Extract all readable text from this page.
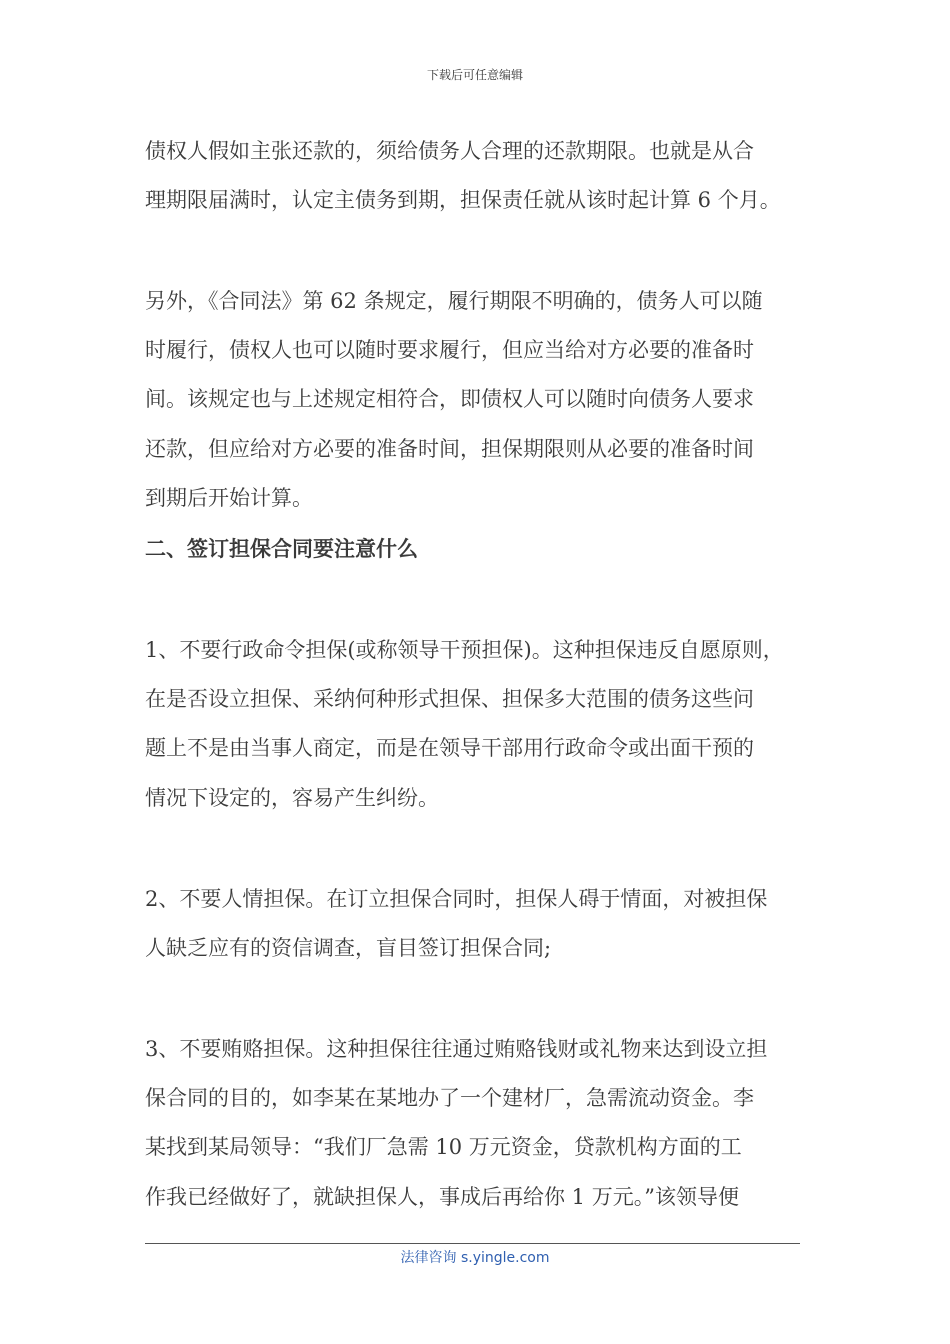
下载后可任意编辑
债权人假如主张还款的，须给债务人合理的还款期限。也就是从合
理期限届满时，认定主债务到期，担保责任就从该时起计算 6 个月。
另外，《合同法》第 62 条规定，履行期限不明确的，债务人可以随
时履行，债权人也可以随时要求履行，但应当给对方必要的准备时
间。该规定也与上述规定相符合，即债权人可以随时向债务人要求
还款，但应给对方必要的准备时间，担保期限则从必要的准备时间
到期后开始计算。
二、签订担保合同要注意什么
1、不要行政命令担保(或称领导干预担保)。这种担保违反自愿原则，
在是否设立担保、采纳何种形式担保、担保多大范围的债务这些问
题上不是由当事人商定，而是在领导干部用行政命令或出面干预的
情况下设定的，容易产生纠纷。
2、不要人情担保。在订立担保合同时，担保人碍于情面，对被担保
人缺乏应有的资信调查，盲目签订担保合同;
3、不要贿赂担保。这种担保往往通过贿赂钱财或礼物来达到设立担
保合同的目的，如李某在某地办了一个建材厂，急需流动资金。李
某找到某局领导：“我们厂急需 10 万元资金，贷款机构方面的工
作我已经做好了，就缺担保人，事成后再给你 1 万元。”该领导便
法律咨询 s.yingle.com
